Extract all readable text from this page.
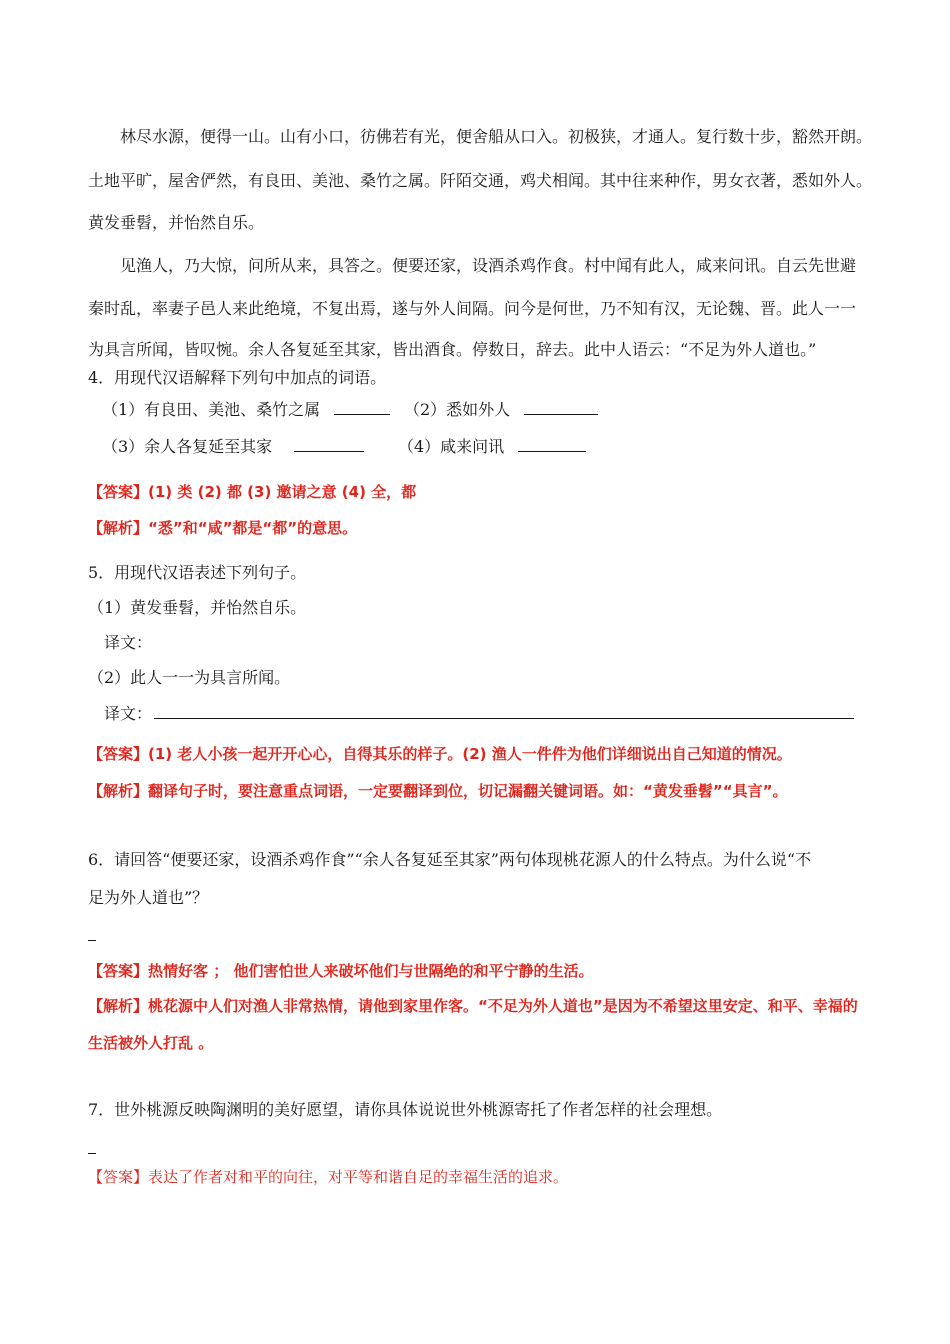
林尽水源，便得一山。山有小口，彷佛若有光，便舍船从口入。初极狭，才通人。复行数十步，豁然开朗。
土地平旷，屋舍俨然，有良田、美池、桑竹之属。阡陌交通，鸡犬相闻。其中往来种作，男女衣著，悉如外人。
黄发垂髫，并怡然自乐。
见渔人，乃大惊，问所从来，具答之。便要还家，设酒杀鸡作食。村中闻有此人，咸来问讯。自云先世避
秦时乱，率妻子邑人来此绝境，不复出焉，遂与外人间隔。问今是何世，乃不知有汉，无论魏、晋。此人一一
为具言所闻，皆叹惋。余人各复延至其家，皆出酒食。停数日，辞去。此中人语云：“不足为外人道也。”
4．用现代汉语解释下列句中加点的词语。
（1）有良田、美池、桑竹之属	（2）悉如外人
（3）余人各复延至其家	（4）咸来问讯
【答案】(1) 类 (2) 都 (3) 邀请之意 (4) 全，都
【解析】“悉”和“咸”都是“都”的意思。
5．用现代汉语表述下列句子。
（1）黄发垂髫，并怡然自乐。
译文：
（2）此人一一为具言所闻。
译文：
【答案】(1) 老人小孩一起开开心心，自得其乐的样子。(2) 渔人一件件为他们详细说出自己知道的情况。
【解析】翻译句子时，要注意重点词语，一定要翻译到位，切记漏翻关键词语。如：“黄发垂髫”“具言”。
6．请回答“便要还家，设酒杀鸡作食”“余人各复延至其家”两句体现桃花源人的什么特点。为什么说“不
足为外人道也”？
【答案】热情好客 ； 他们害怕世人来破坏他们与世隔绝的和平宁静的生活。
【解析】桃花源中人们对渔人非常热情，请他到家里作客。“不足为外人道也”是因为不希望这里安定、和平、幸福的
生活被外人打乱 。
7．世外桃源反映陶渊明的美好愿望，请你具体说说世外桃源寄托了作者怎样的社会理想。
【答案】表达了作者对和平的向往，对平等和谐自足的幸福生活的追求。
